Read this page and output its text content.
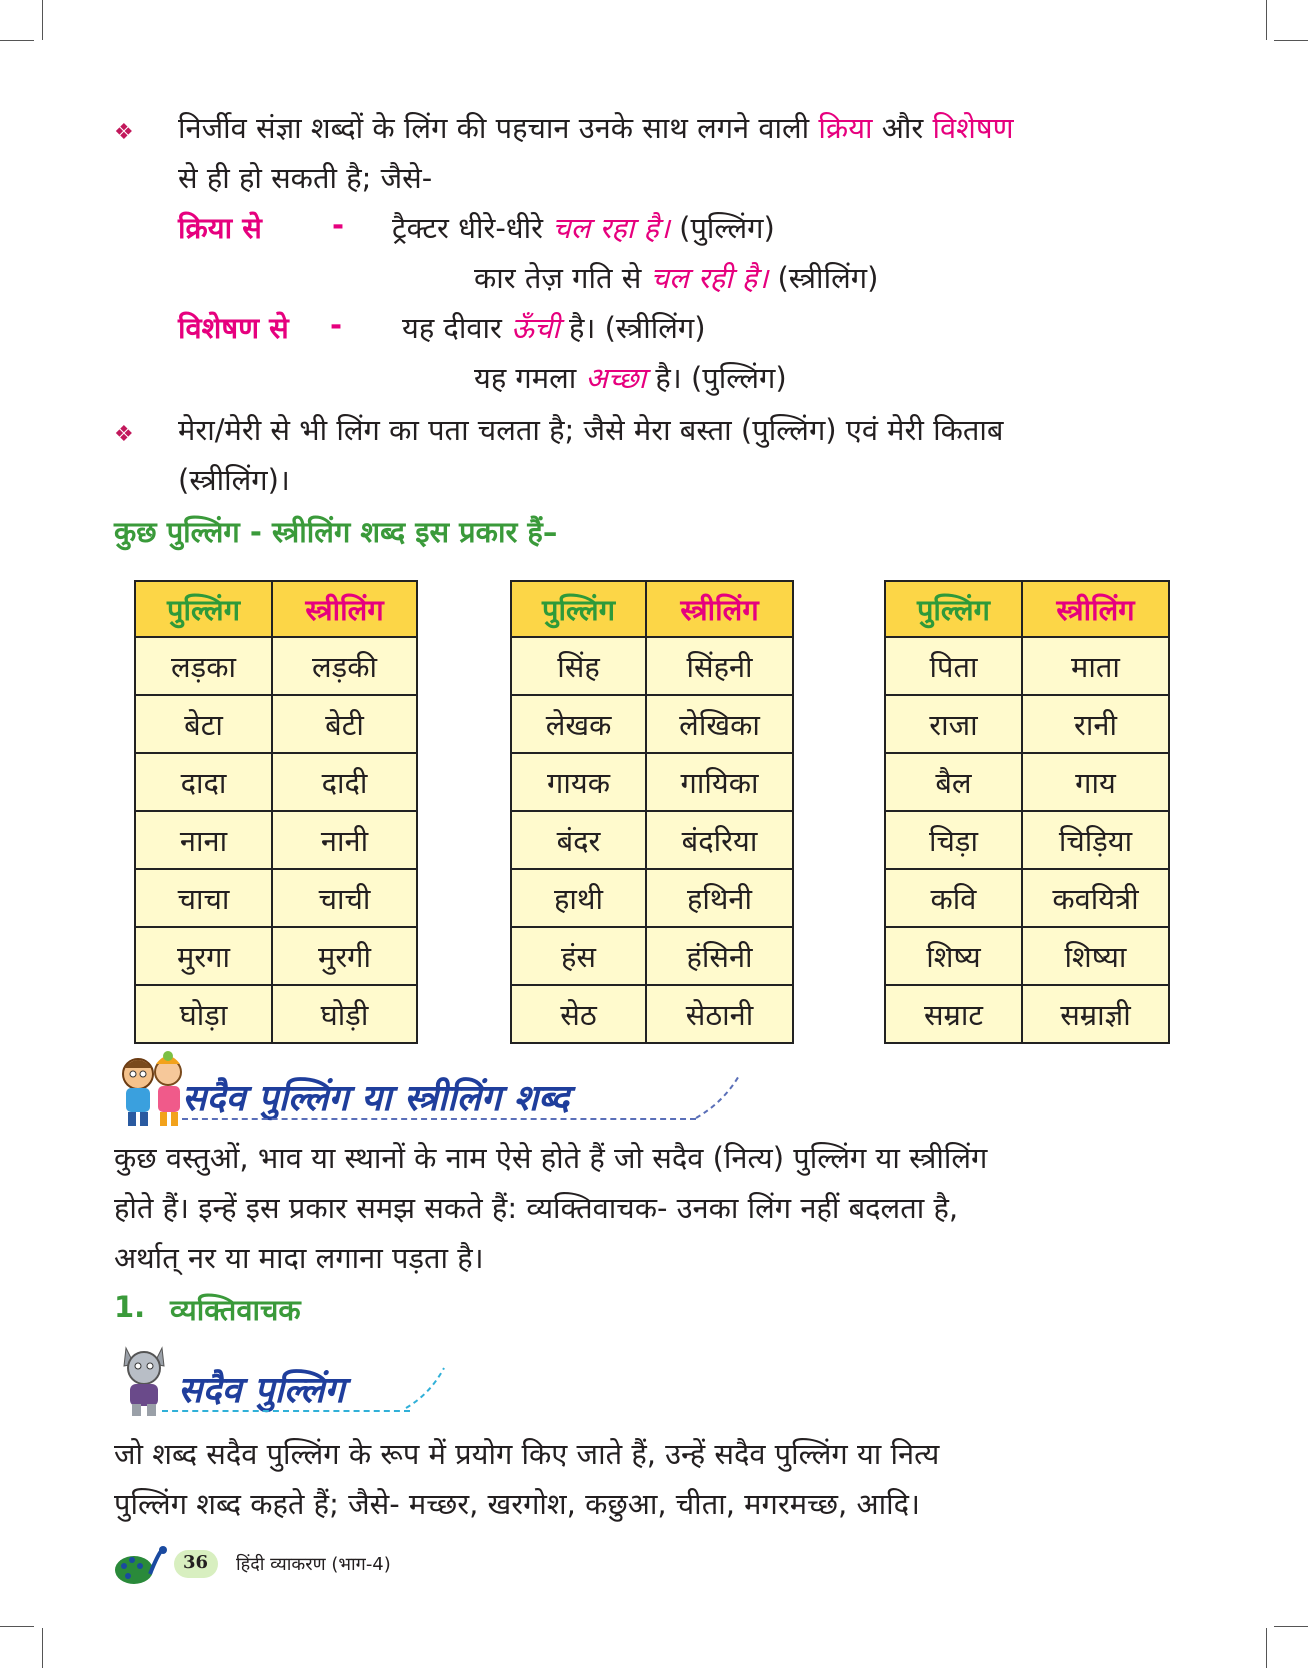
❖ निर्जीव संज्ञा शब्दों के लिंग की पहचान उनके साथ लगने वाली क्रिया और विशेषण
से ही हो सकती है; जैसे-
क्रिया से - ट्रैक्टर धीरे-धीरे चल रहा है। (पुल्लिंग)
कार तेज़ गति से चल रही है। (स्त्रीलिंग)
विशेषण से - यह दीवार ऊँची है। (स्त्रीलिंग)
यह गमला अच्छा है। (पुल्लिंग)
❖ मेरा/मेरी से भी लिंग का पता चलता है; जैसे मेरा बस्ता (पुल्लिंग) एवं मेरी किताब
(स्त्रीलिंग)।
कुछ पुल्लिंग - स्त्रीलिंग शब्द इस प्रकार हैं–
पुल्लिंग	स्त्रीलिंग
लड़का	लड़की
बेटा	बेटी
दादा	दादी
नाना	नानी
चाचा	चाची
मुरगा	मुरगी
घोड़ा	घोड़ी
पुल्लिंग	स्त्रीलिंग
सिंह	सिंहनी
लेखक	लेखिका
गायक	गायिका
बंदर	बंदरिया
हाथी	हथिनी
हंस	हंसिनी
सेठ	सेठानी
पुल्लिंग	स्त्रीलिंग
पिता	माता
राजा	रानी
बैल	गाय
चिड़ा	चिड़िया
कवि	कवयित्री
शिष्य	शिष्या
सम्राट	सम्राज्ञी
सदैव पुल्लिंग या स्त्रीलिंग शब्द
कुछ वस्तुओं, भाव या स्थानों के नाम ऐसे होते हैं जो सदैव (नित्य) पुल्लिंग या स्त्रीलिंग
होते हैं। इन्हें इस प्रकार समझ सकते हैं: व्यक्तिवाचक- उनका लिंग नहीं बदलता है,
अर्थात् नर या मादा लगाना पड़ता है।
1. व्यक्तिवाचक
सदैव पुल्लिंग
जो शब्द सदैव पुल्लिंग के रूप में प्रयोग किए जाते हैं, उन्हें सदैव पुल्लिंग या नित्य
पुल्लिंग शब्द कहते हैं; जैसे- मच्छर, खरगोश, कछुआ, चीता, मगरमच्छ, आदि।
36 हिंदी व्याकरण (भाग-4)
